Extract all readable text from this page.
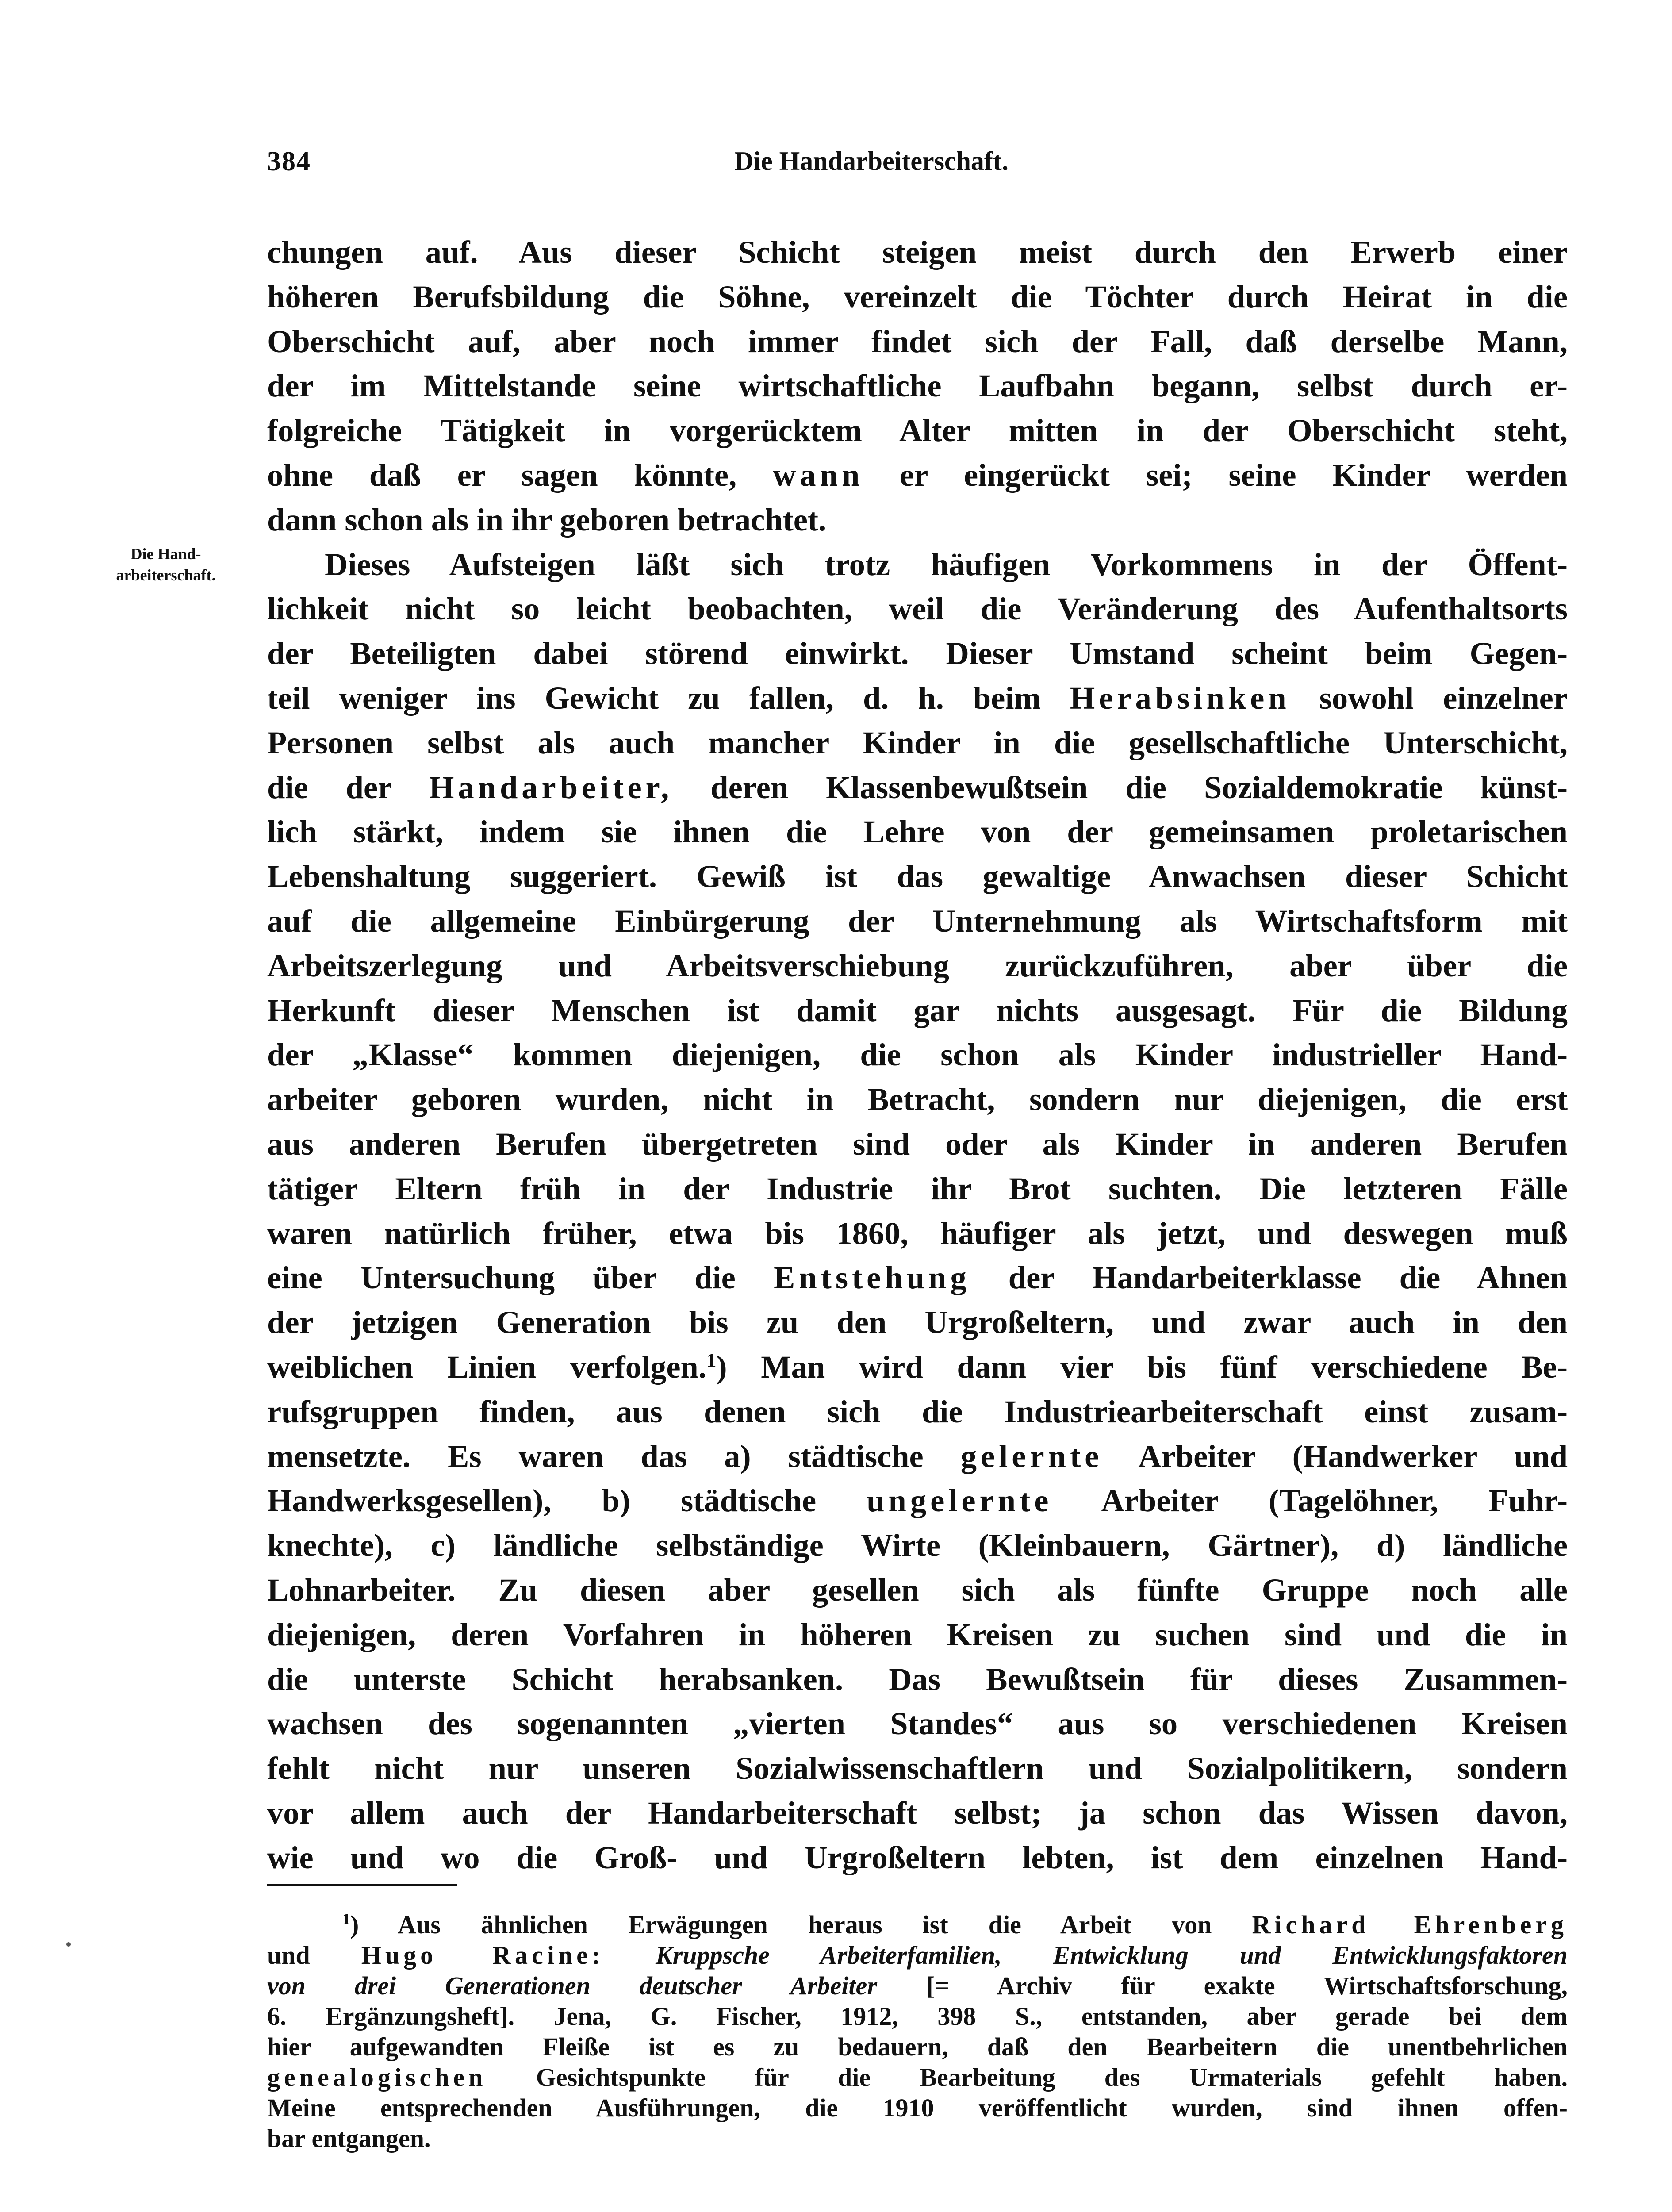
384	Die Handarbeiterschaft.
Die Hand-
arbeiterschaft.
chungen auf. Aus dieser Schicht steigen meist durch den Erwerb einer
höheren Berufsbildung die Söhne, vereinzelt die Töchter durch Heirat in die
Oberschicht auf, aber noch immer findet sich der Fall, daß derselbe Mann,
der im Mittelstande seine wirtschaftliche Laufbahn begann, selbst durch er-
folgreiche Tätigkeit in vorgerücktem Alter mitten in der Oberschicht steht,
ohne daß er sagen könnte, wann er eingerückt sei; seine Kinder werden
dann schon als in ihr geboren betrachtet.
Dieses Aufsteigen läßt sich trotz häufigen Vorkommens in der Öffent-
lichkeit nicht so leicht beobachten, weil die Veränderung des Aufenthaltsorts
der Beteiligten dabei störend einwirkt. Dieser Umstand scheint beim Gegen-
teil weniger ins Gewicht zu fallen, d. h. beim Herabsinken sowohl einzelner
Personen selbst als auch mancher Kinder in die gesellschaftliche Unterschicht,
die der Handarbeiter, deren Klassenbewußtsein die Sozialdemokratie künst-
lich stärkt, indem sie ihnen die Lehre von der gemeinsamen proletarischen
Lebenshaltung suggeriert. Gewiß ist das gewaltige Anwachsen dieser Schicht
auf die allgemeine Einbürgerung der Unternehmung als Wirtschaftsform mit
Arbeitszerlegung und Arbeitsverschiebung zurückzuführen, aber über die
Herkunft dieser Menschen ist damit gar nichts ausgesagt. Für die Bildung
der „Klasse“ kommen diejenigen, die schon als Kinder industrieller Hand-
arbeiter geboren wurden, nicht in Betracht, sondern nur diejenigen, die erst
aus anderen Berufen übergetreten sind oder als Kinder in anderen Berufen
tätiger Eltern früh in der Industrie ihr Brot suchten. Die letzteren Fälle
waren natürlich früher, etwa bis 1860, häufiger als jetzt, und deswegen muß
eine Untersuchung über die Entstehung der Handarbeiterklasse die Ahnen
der jetzigen Generation bis zu den Urgroßeltern, und zwar auch in den
weiblichen Linien verfolgen.$^1$) Man wird dann vier bis fünf verschiedene Be-
rufsgruppen finden, aus denen sich die Industriearbeiterschaft einst zusam-
mensetzte. Es waren das a) städtische gelernte Arbeiter (Handwerker und
Handwerksgesellen), b) städtische ungelernte Arbeiter (Tagelöhner, Fuhr-
knechte), c) ländliche selbständige Wirte (Kleinbauern, Gärtner), d) ländliche
Lohnarbeiter. Zu diesen aber gesellen sich als fünfte Gruppe noch alle
diejenigen, deren Vorfahren in höheren Kreisen zu suchen sind und die in
die unterste Schicht herabsanken. Das Bewußtsein für dieses Zusammen-
wachsen des sogenannten „vierten Standes“ aus so verschiedenen Kreisen
fehlt nicht nur unseren Sozialwissenschaftlern und Sozialpolitikern, sondern
vor allem auch der Handarbeiterschaft selbst; ja schon das Wissen davon,
wie und wo die Groß- und Urgroßeltern lebten, ist dem einzelnen Hand-
$^1$) Aus ähnlichen Erwägungen heraus ist die Arbeit von Richard Ehrenberg
und Hugo Racine: Kruppsche Arbeiterfamilien, Entwicklung und Entwicklungsfaktoren
von drei Generationen deutscher Arbeiter [= Archiv für exakte Wirtschaftsforschung,
6. Ergänzungsheft]. Jena, G. Fischer, 1912, 398 S., entstanden, aber gerade bei dem
hier aufgewandten Fleiße ist es zu bedauern, daß den Bearbeitern die unentbehrlichen
genealogischen Gesichtspunkte für die Bearbeitung des Urmaterials gefehlt haben.
Meine entsprechenden Ausführungen, die 1910 veröffentlicht wurden, sind ihnen offen-
bar entgangen.
